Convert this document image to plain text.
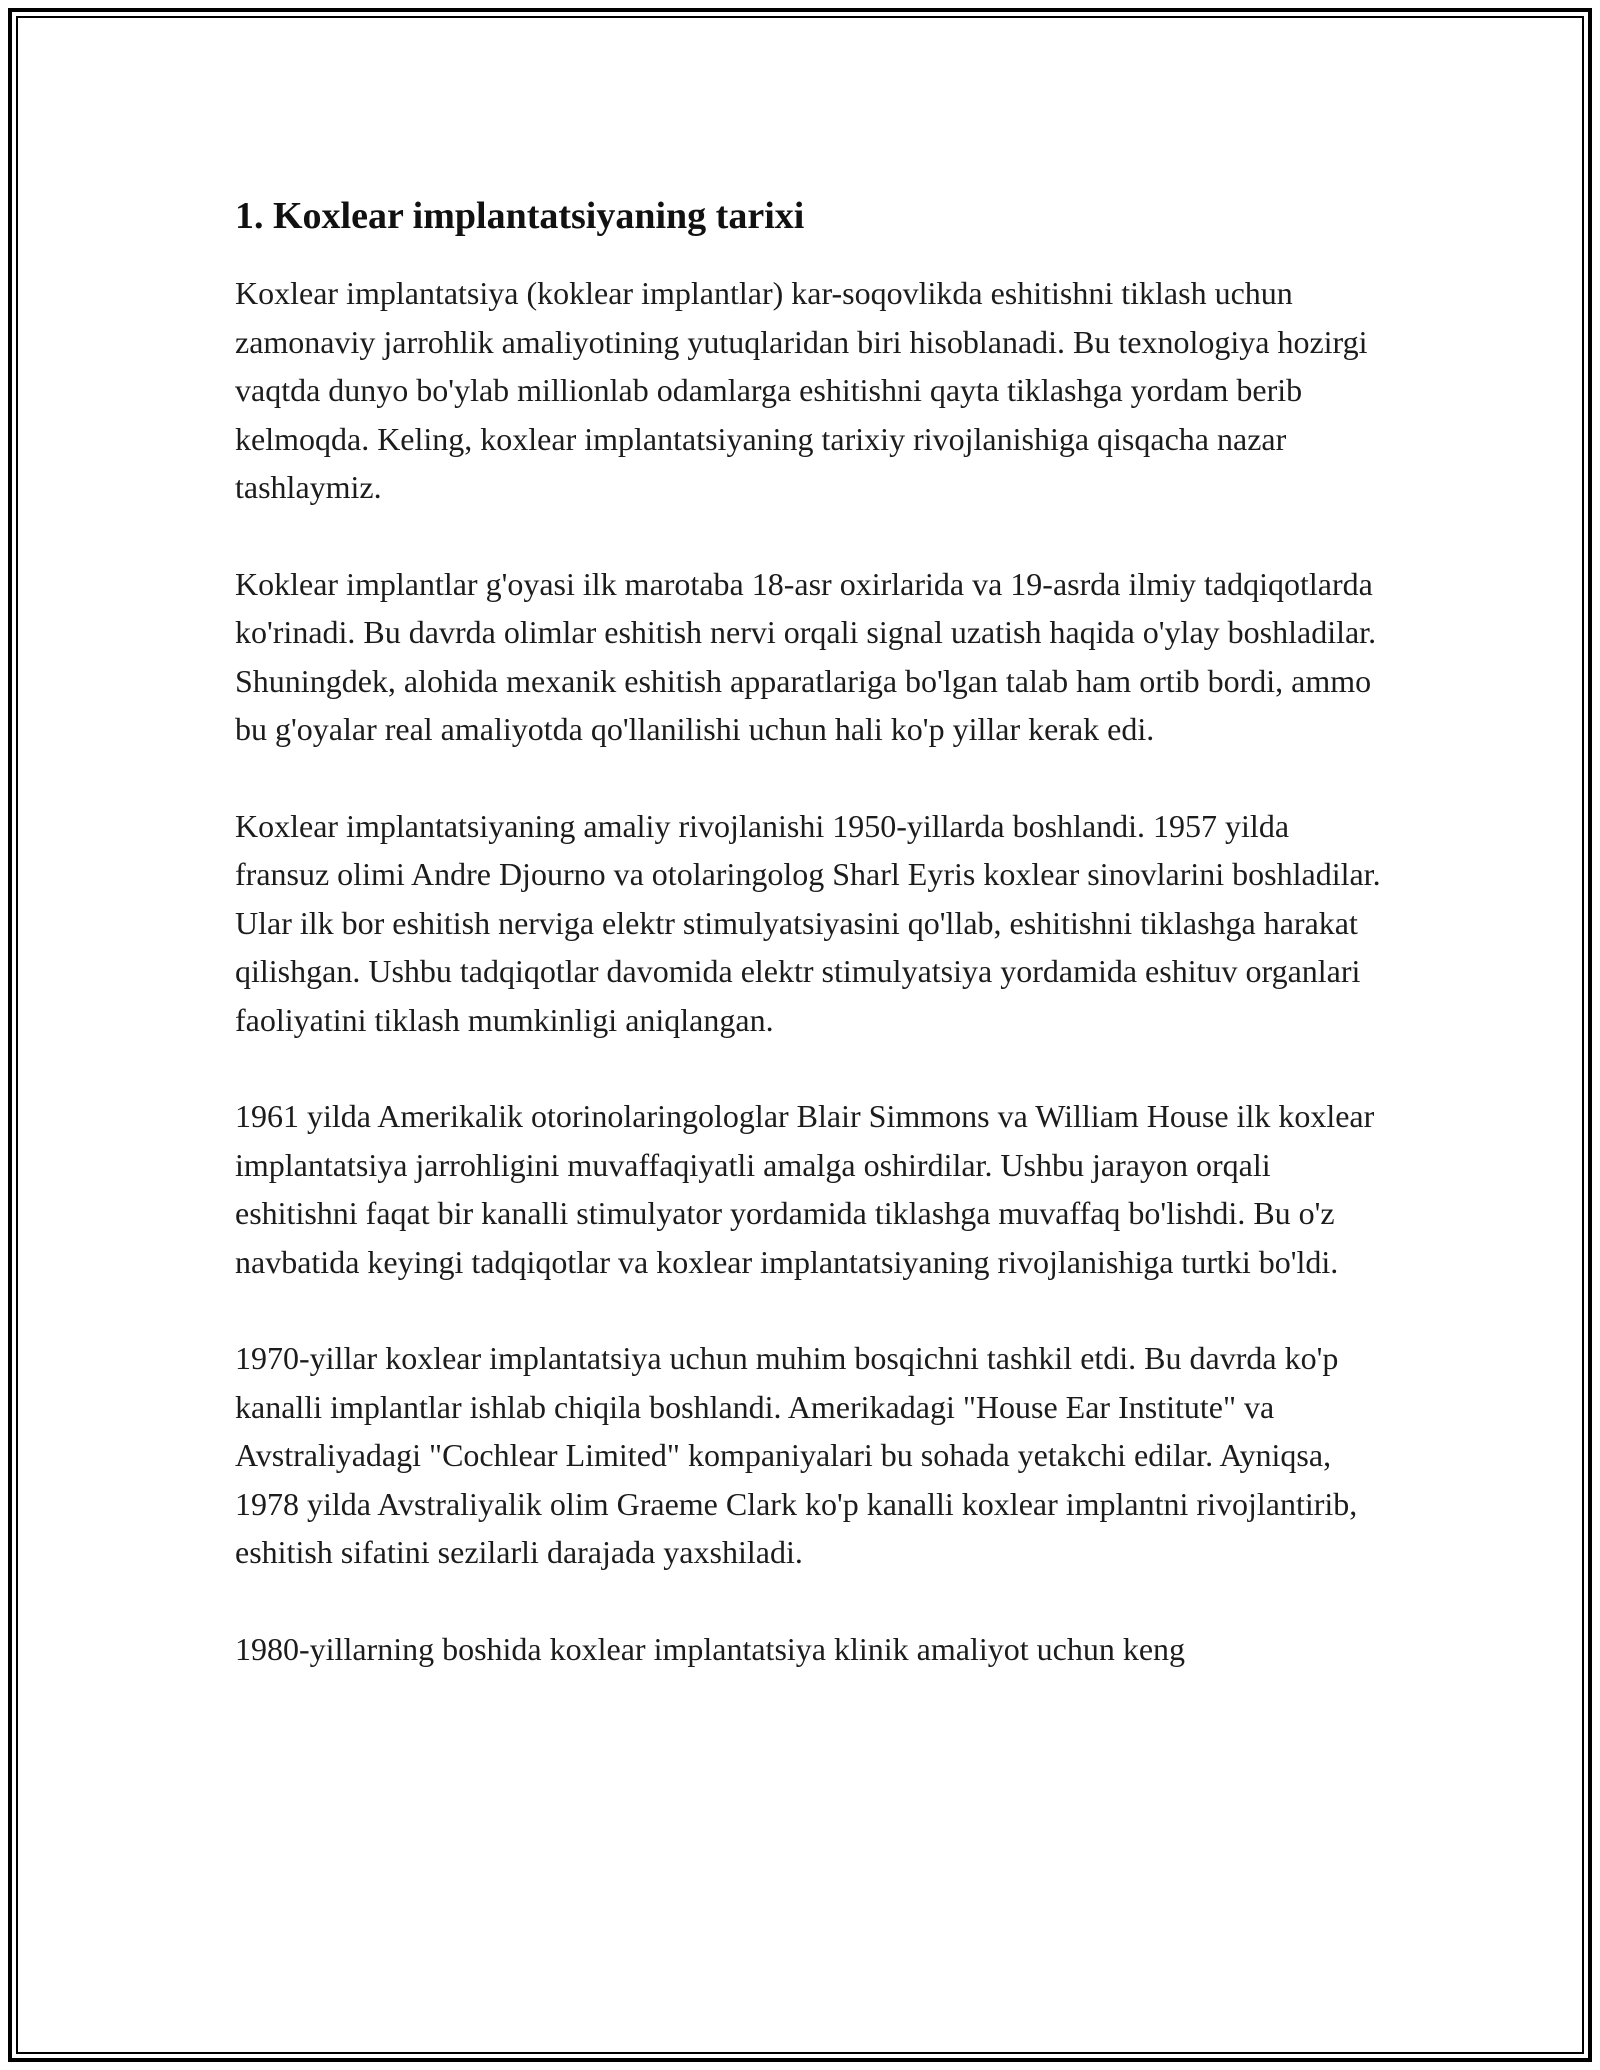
1. Koxlear implantatsiyaning tarixi

Koxlear implantatsiya (koklear implantlar) kar-soqovlikda eshitishni tiklash uchun zamonaviy jarrohlik amaliyotining yutuqlaridan biri hisoblanadi. Bu texnologiya hozirgi vaqtda dunyo bo'ylab millionlab odamlarga eshitishni qayta tiklashga yordam berib kelmoqda. Keling, koxlear implantatsiyaning tarixiy rivojlanishiga qisqacha nazar tashlaymiz.

Koklear implantlar g'oyasi ilk marotaba 18-asr oxirlarida va 19-asrda ilmiy tadqiqotlarda ko'rinadi. Bu davrda olimlar eshitish nervi orqali signal uzatish haqida o'ylay boshladilar. Shuningdek, alohida mexanik eshitish apparatlariga bo'lgan talab ham ortib bordi, ammo bu g'oyalar real amaliyotda qo'llanilishi uchun hali ko'p yillar kerak edi.

Koxlear implantatsiyaning amaliy rivojlanishi 1950-yillarda boshlandi. 1957 yilda fransuz olimi Andre Djourno va otolaringolog Sharl Eyris koxlear sinovlarini boshladilar. Ular ilk bor eshitish nerviga elektr stimulyatsiyasini qo'llab, eshitishni tiklashga harakat qilishgan. Ushbu tadqiqotlar davomida elektr stimulyatsiya yordamida eshituv organlari faoliyatini tiklash mumkinligi aniqlangan.

1961 yilda Amerikalik otorinolaringologlar Blair Simmons va William House ilk koxlear implantatsiya jarrohligini muvaffaqiyatli amalga oshirdilar. Ushbu jarayon orqali eshitishni faqat bir kanalli stimulyator yordamida tiklashga muvaffaq bo'lishdi. Bu o'z navbatida keyingi tadqiqotlar va koxlear implantatsiyaning rivojlanishiga turtki bo'ldi.

1970-yillar koxlear implantatsiya uchun muhim bosqichni tashkil etdi. Bu davrda ko'p kanalli implantlar ishlab chiqila boshlandi. Amerikadagi "House Ear Institute" va Avstraliyadagi "Cochlear Limited" kompaniyalari bu sohada yetakchi edilar. Ayniqsa, 1978 yilda Avstraliyalik olim Graeme Clark ko'p kanalli koxlear implantni rivojlantirib, eshitish sifatini sezilarli darajada yaxshiladi.

1980-yillarning boshida koxlear implantatsiya klinik amaliyot uchun keng
